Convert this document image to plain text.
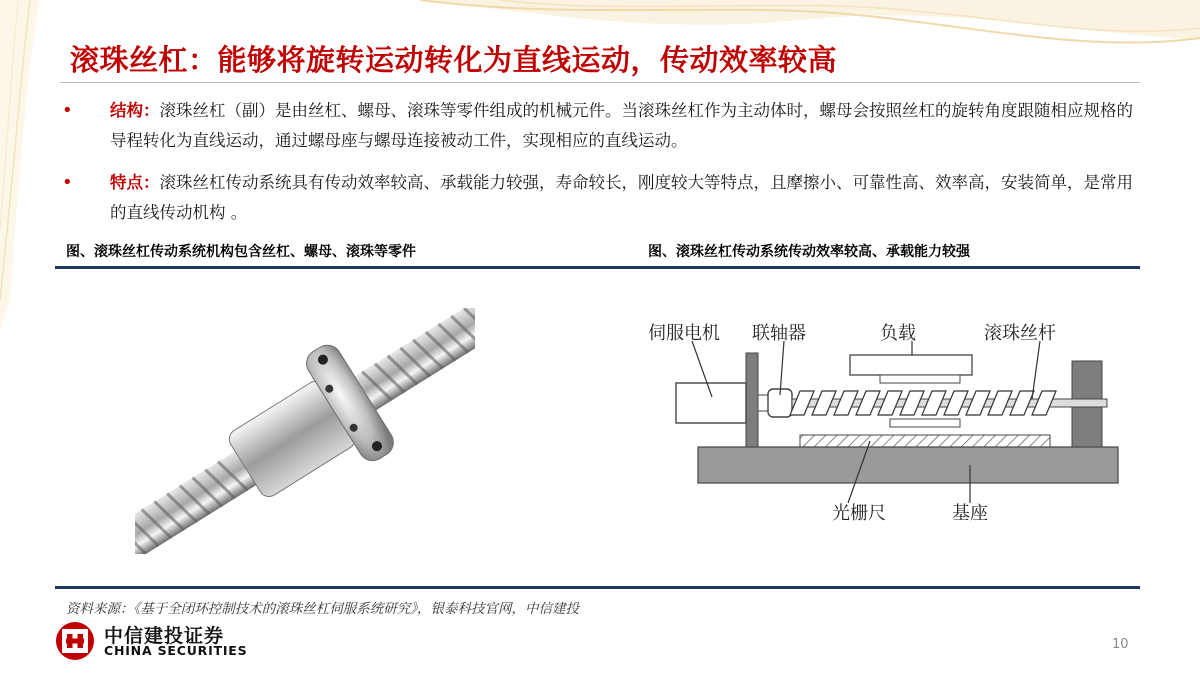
滚珠丝杠：能够将旋转运动转化为直线运动，传动效率较高
• 结构：滚珠丝杠（副）是由丝杠、螺母、滚珠等零件组成的机械元件。当滚珠丝杠作为主动体时，螺母会按照丝杠的旋转角度跟随相应规格的导程转化为直线运动，通过螺母座与螺母连接被动工件，实现相应的直线运动。
• 特点：滚珠丝杠传动系统具有传动效率较高、承载能力较强，寿命较长，刚度较大等特点，且摩擦小、可靠性高、效率高，安装简单，是常用的直线传动机构 。
图、滚珠丝杠传动系统机构包含丝杠、螺母、滚珠等零件	图、滚珠丝杠传动系统传动效率较高、承载能力较强
伺服电机 联轴器	负载	滚珠丝杆
光栅尺	基座
资料来源：《基于全闭环控制技术的滚珠丝杠伺服系统研究》，银泰科技官网，中信建投
中信建投证券
CHINA SECURITIES	10
